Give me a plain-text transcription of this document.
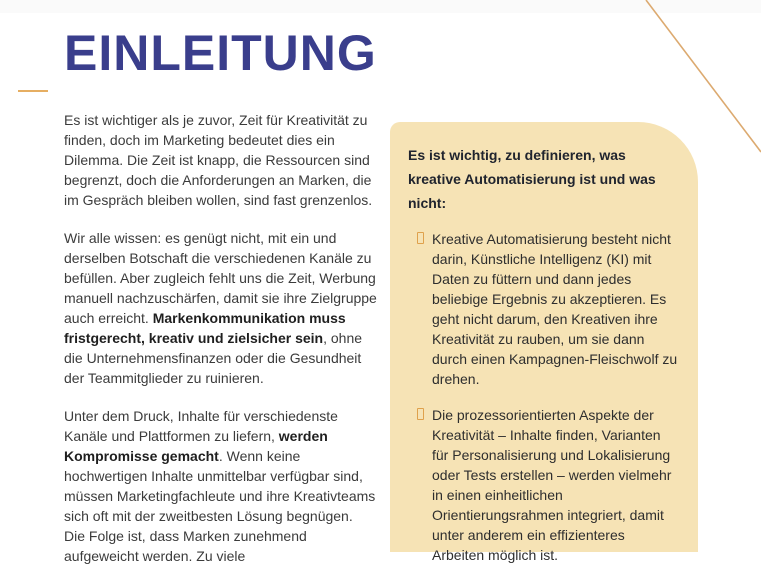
EINLEITUNG

Es ist wichtiger als je zuvor, Zeit für Kreativität zu finden, doch im Marketing bedeutet dies ein Dilemma. Die Zeit ist knapp, die Ressourcen sind begrenzt, doch die Anforderungen an Marken, die im Gespräch bleiben wollen, sind fast grenzenlos.

Wir alle wissen: es genügt nicht, mit ein und derselben Botschaft die verschiedenen Kanäle zu befüllen. Aber zugleich fehlt uns die Zeit, Werbung manuell nachzuschärfen, damit sie ihre Zielgruppe auch erreicht. Markenkommunikation muss fristgerecht, kreativ und zielsicher sein, ohne die Unternehmensfinanzen oder die Gesundheit der Teammitglieder zu ruinieren.

Unter dem Druck, Inhalte für verschiedenste Kanäle und Plattformen zu liefern, werden Kompromisse gemacht. Wenn keine hochwertigen Inhalte unmittelbar verfügbar sind, müssen Marketingfachleute und ihre Kreativteams sich oft mit der zweitbesten Lösung begnügen. Die Folge ist, dass Marken zunehmend aufgeweicht werden. Zu viele

Es ist wichtig, zu definieren, was kreative Automatisierung ist und was nicht:
Kreative Automatisierung besteht nicht darin, Künstliche Intelligenz (KI) mit Daten zu füttern und dann jedes beliebige Ergebnis zu akzeptieren. Es geht nicht darum, den Kreativen ihre Kreativität zu rauben, um sie dann durch einen Kampagnen-Fleischwolf zu drehen.
Die prozessorientierten Aspekte der Kreativität – Inhalte finden, Varianten für Personalisierung und Lokalisierung oder Tests erstellen – werden vielmehr in einen einheitlichen Orientierungsrahmen integriert, damit unter anderem ein effizienteres Arbeiten möglich ist.
